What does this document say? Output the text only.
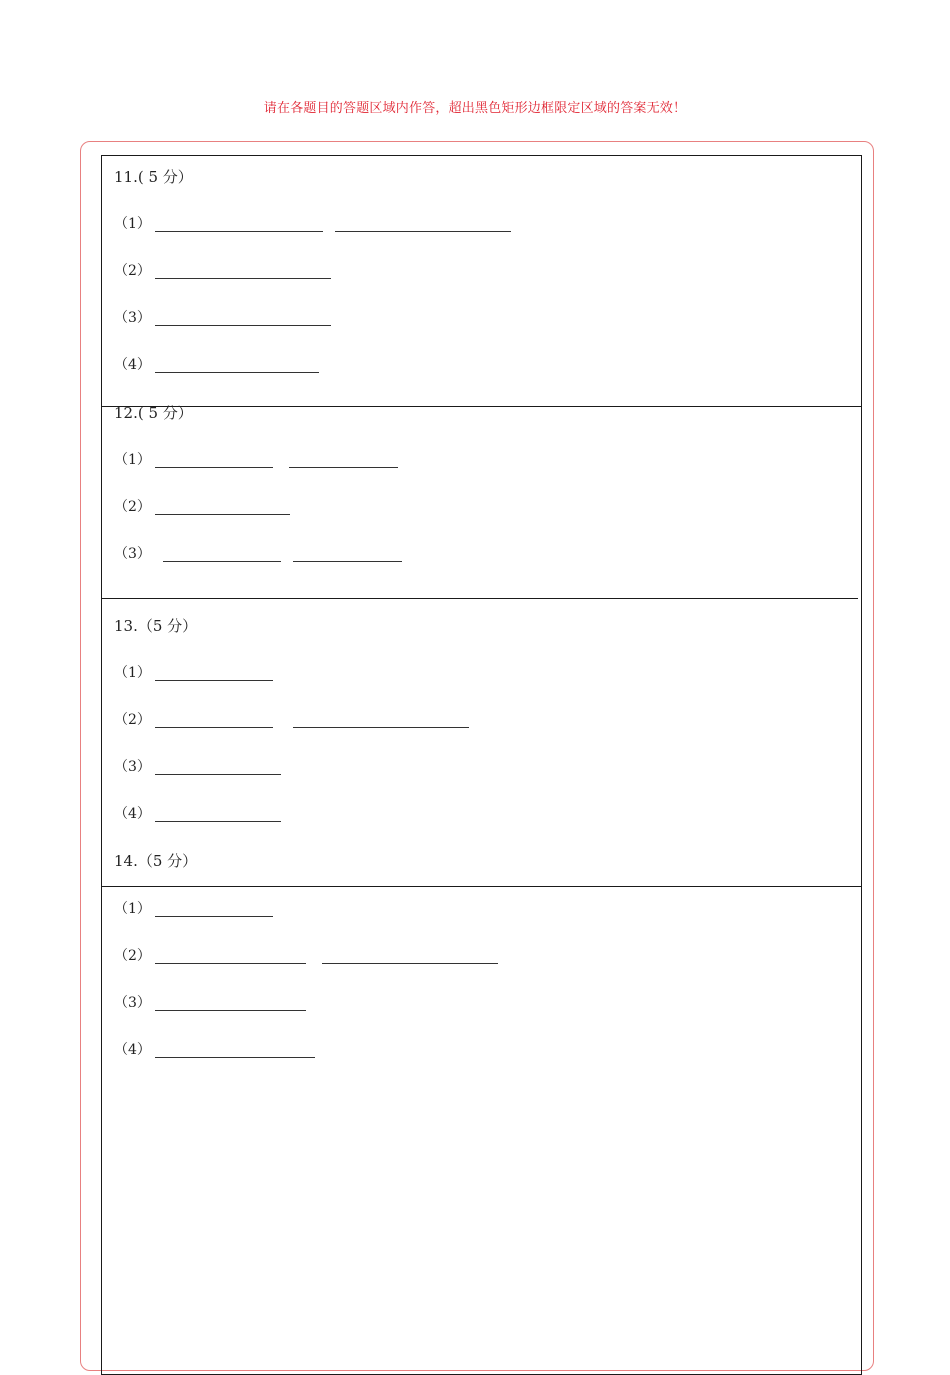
请在各题目的答题区域内作答，超出黑色矩形边框限定区域的答案无效！
11.( 5 分）
（1）
（2）
（3）
（4）
12.( 5 分）
（1）
（2）
（3）
13.（5 分）
（1）
（2）
（3）
（4）
14.（5 分）
（1）
（2）
（3）
（4）
